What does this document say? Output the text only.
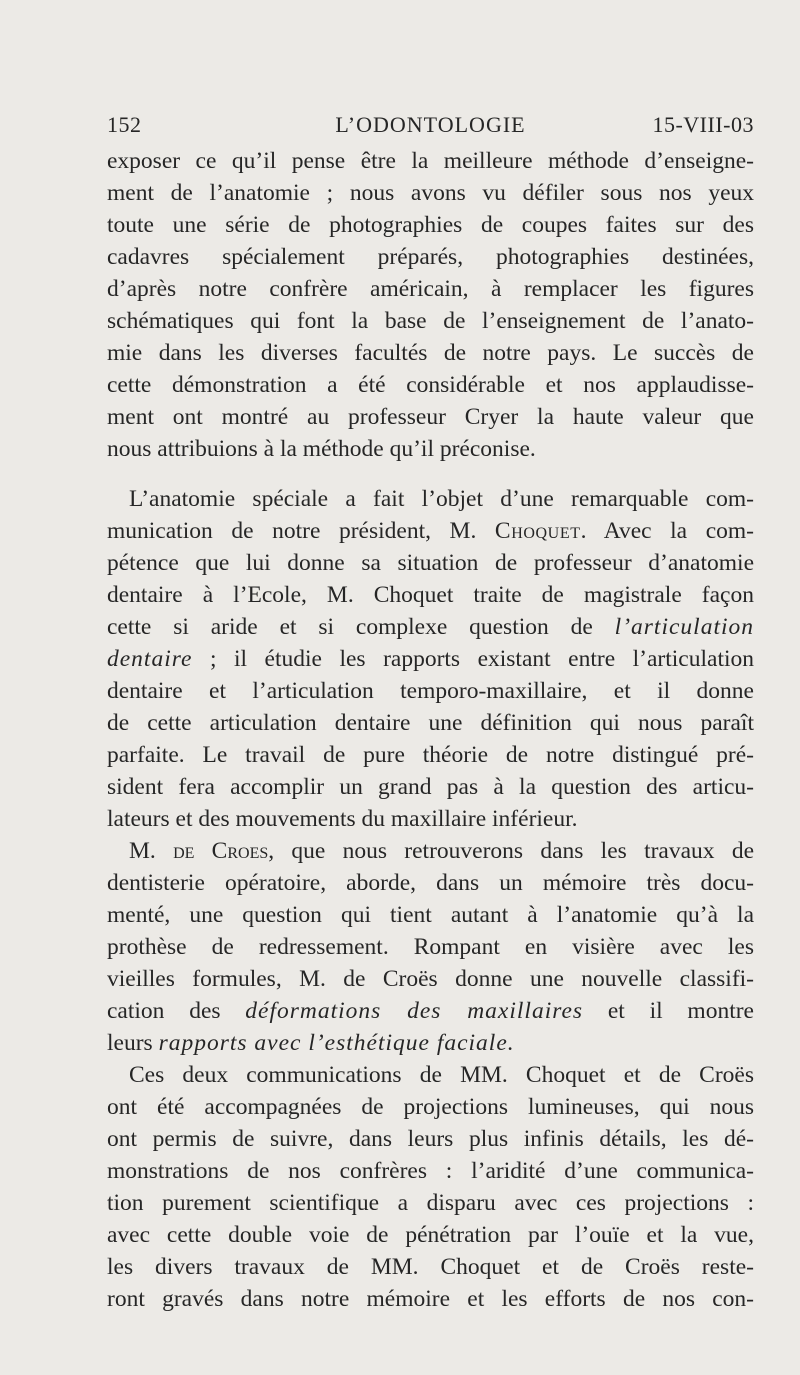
152	L’ODONTOLOGIE	15-VIII-03
exposer ce qu’il pense être la meilleure méthode d’enseigne-
ment de l’anatomie ; nous avons vu défiler sous nos yeux
toute une série de photographies de coupes faites sur des
cadavres spécialement préparés, photographies destinées,
d’après notre confrère américain, à remplacer les figures
schématiques qui font la base de l’enseignement de l’anato-
mie dans les diverses facultés de notre pays. Le succès de
cette démonstration a été considérable et nos applaudisse-
ment ont montré au professeur Cryer la haute valeur que
nous attribuions à la méthode qu’il préconise.
L’anatomie spéciale a fait l’objet d’une remarquable com-
munication de notre président, M. Choquet. Avec la com-
pétence que lui donne sa situation de professeur d’anatomie
dentaire à l’Ecole, M. Choquet traite de magistrale façon
cette si aride et si complexe question de l’articulation
dentaire ; il étudie les rapports existant entre l’articulation
dentaire et l’articulation temporo-maxillaire, et il donne
de cette articulation dentaire une définition qui nous paraît
parfaite. Le travail de pure théorie de notre distingué pré-
sident fera accomplir un grand pas à la question des articu-
lateurs et des mouvements du maxillaire inférieur.
M. de Croes, que nous retrouverons dans les travaux de
dentisterie opératoire, aborde, dans un mémoire très docu-
menté, une question qui tient autant à l’anatomie qu’à la
prothèse de redressement. Rompant en visière avec les
vieilles formules, M. de Croës donne une nouvelle classifi-
cation des déformations des maxillaires et il montre
leurs rapports avec l’esthétique faciale.
Ces deux communications de MM. Choquet et de Croës
ont été accompagnées de projections lumineuses, qui nous
ont permis de suivre, dans leurs plus infinis détails, les dé-
monstrations de nos confrères : l’aridité d’une communica-
tion purement scientifique a disparu avec ces projections :
avec cette double voie de pénétration par l’ouïe et la vue,
les divers travaux de MM. Choquet et de Croës reste-
ront gravés dans notre mémoire et les efforts de nos con-
